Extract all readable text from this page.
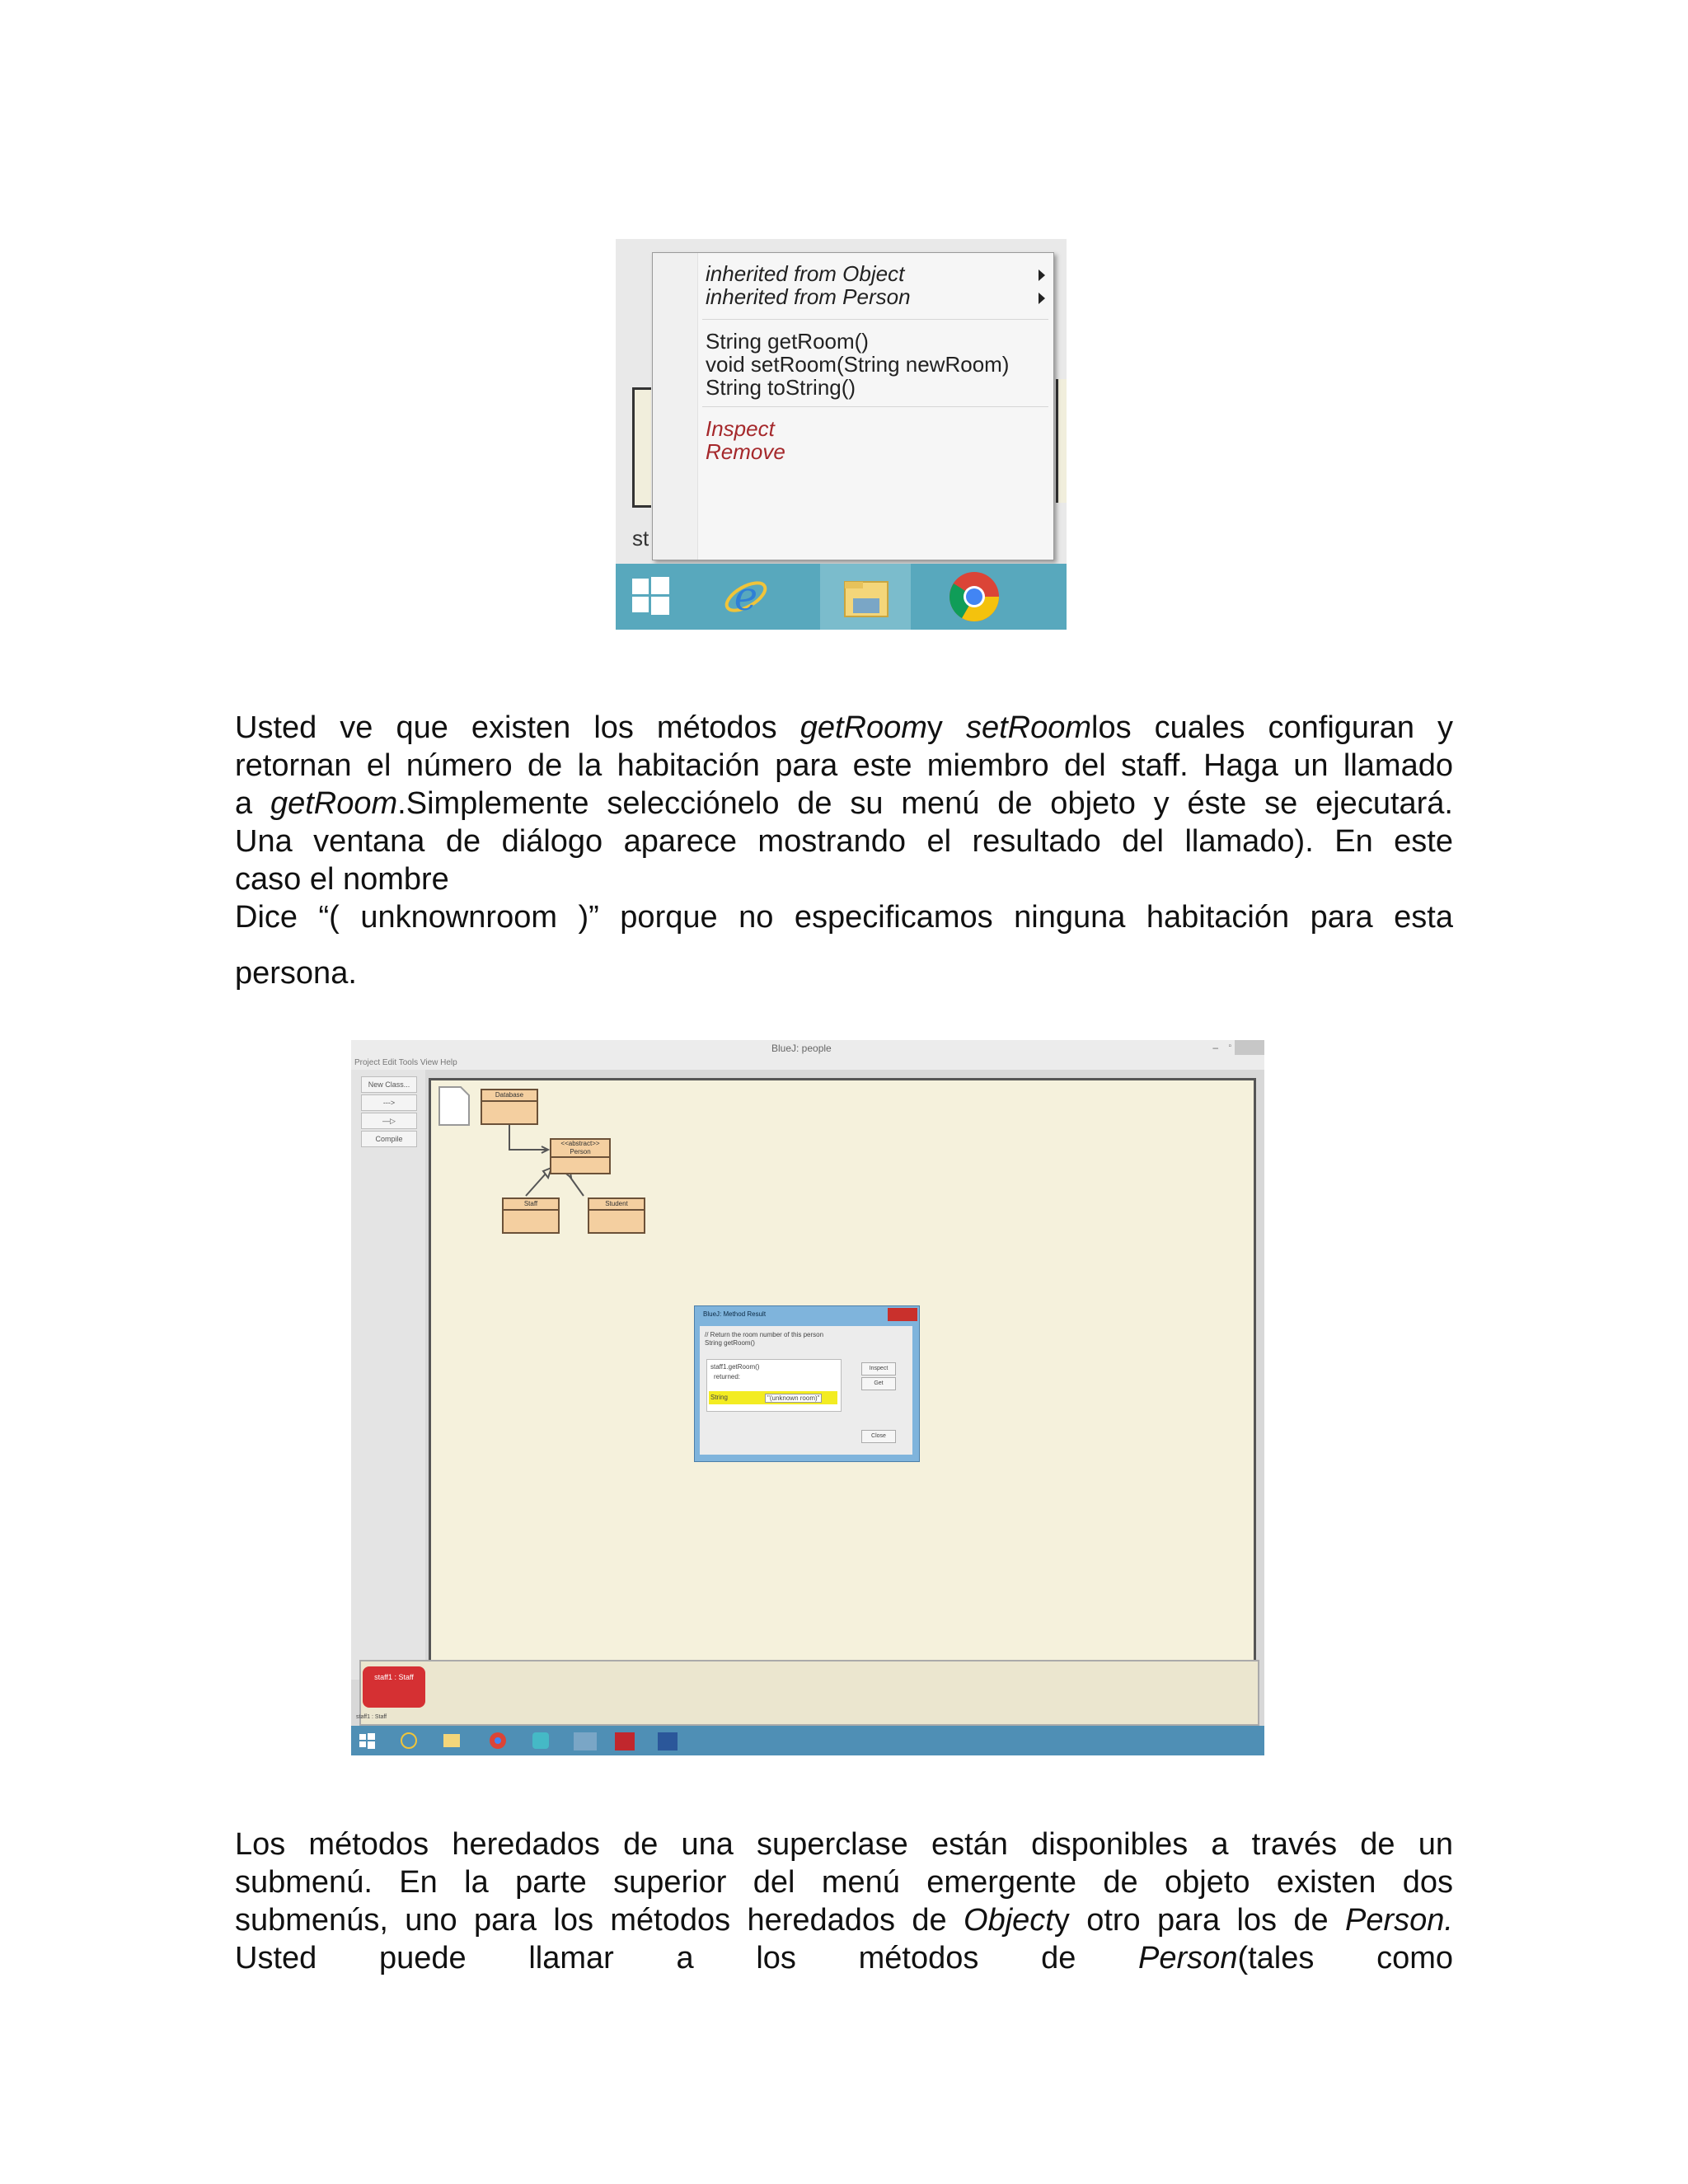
st
inherited from Object
inherited from Person
String getRoom()
void setRoom(String newRoom)
String toString()
Inspect
Remove
e
Usted ve que existen los métodos getRoomy setRoomlos cuales configuran y
retornan el número de la habitación para este miembro del staff. Haga un llamado
a getRoom.Simplemente selecciónelo de su menú de objeto y éste se ejecutará.
Una ventana de diálogo aparece mostrando el resultado del llamado). En este
caso el nombre
Dice “( unknownroom )” porque no especificamos ninguna habitación para esta
persona.
BlueJ: people	– ▫
Project Edit Tools View Help
New Class...
--->
—▷
Compile
Database
<<abstract>>
Person
Staff	Student
BlueJ: Method Result
// Return the room number of this person
String getRoom()
staff1.getRoom()
returned:
String	"(unknown room)"
Inspect
Get
Close
staff1 : Staff
staff1 : Staff
Los métodos heredados de una superclase están disponibles a través de un
submenú. En la parte superior del menú emergente de objeto existen dos
submenús, uno para los métodos heredados de Objecty otro para los de Person.
Usted puede llamar a los métodos de Person(tales como
